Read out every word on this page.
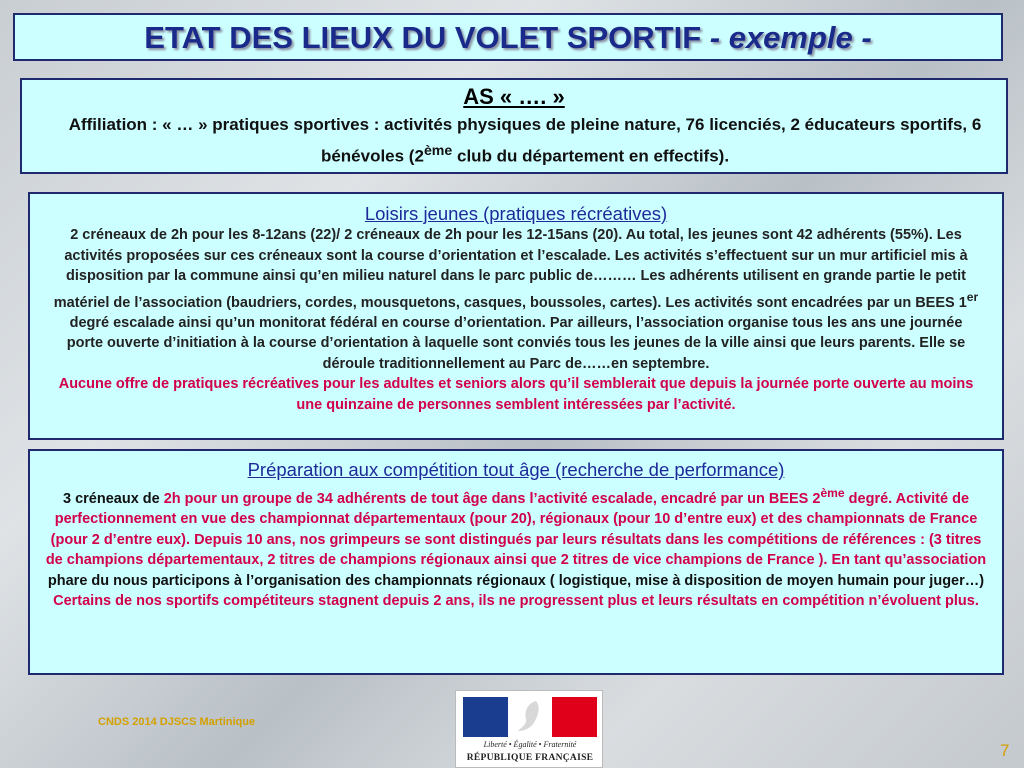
ETAT DES LIEUX DU VOLET SPORTIF - exemple -
AS « …. »
Affiliation : « … » pratiques sportives : activités physiques de pleine nature, 76 licenciés, 2 éducateurs sportifs, 6 bénévoles (2ème club du département en effectifs).
Loisirs jeunes (pratiques récréatives)
2 créneaux de 2h pour les 8-12ans (22)/ 2 créneaux de 2h pour les 12-15ans (20). Au total, les jeunes sont 42 adhérents (55%). Les activités proposées sur ces créneaux sont la course d’orientation et l’escalade. Les activités s’effectuent sur un mur artificiel mis à disposition par la commune ainsi qu’en milieu naturel dans le parc public de……… Les adhérents utilisent en grande partie le petit matériel de l’association (baudriers, cordes, mousquetons, casques, boussoles, cartes). Les activités sont encadrées par un BEES 1er degré escalade ainsi qu’un monitorat fédéral en course d’orientation. Par ailleurs, l’association organise tous les ans une journée porte ouverte d’initiation à la course d’orientation à laquelle sont conviés tous les jeunes de la ville ainsi que leurs parents. Elle se déroule traditionnellement au Parc de……en septembre.
Aucune offre de pratiques récréatives pour les adultes et seniors alors qu’il semblerait que depuis la journée porte ouverte au moins une quinzaine de personnes semblent intéressées par l’activité.
Préparation aux compétition tout âge (recherche de performance)
3 créneaux de 2h pour un groupe de 34 adhérents de tout âge dans l’activité escalade, encadré par un BEES 2ème degré. Activité de perfectionnement en vue des championnat départementaux (pour 20), régionaux (pour 10 d’entre eux) et des championnats de France (pour 2 d’entre eux). Depuis 10 ans, nos grimpeurs se sont distingués par leurs résultats dans les compétitions de références : (3 titres de champions départementaux, 2 titres de champions régionaux ainsi que 2 titres de vice champions de France ). En tant qu’association phare du nous participons à l’organisation des championnats régionaux ( logistique, mise à disposition de moyen humain pour juger…)
Certains de nos sportifs compétiteurs stagnent depuis 2 ans, ils ne progressent plus et leurs résultats en compétition n’évoluent plus.
CNDS 2014 DJSCS Martinique
Liberté • Égalité • Fraternité
RÉPUBLIQUE FRANÇAISE	7
